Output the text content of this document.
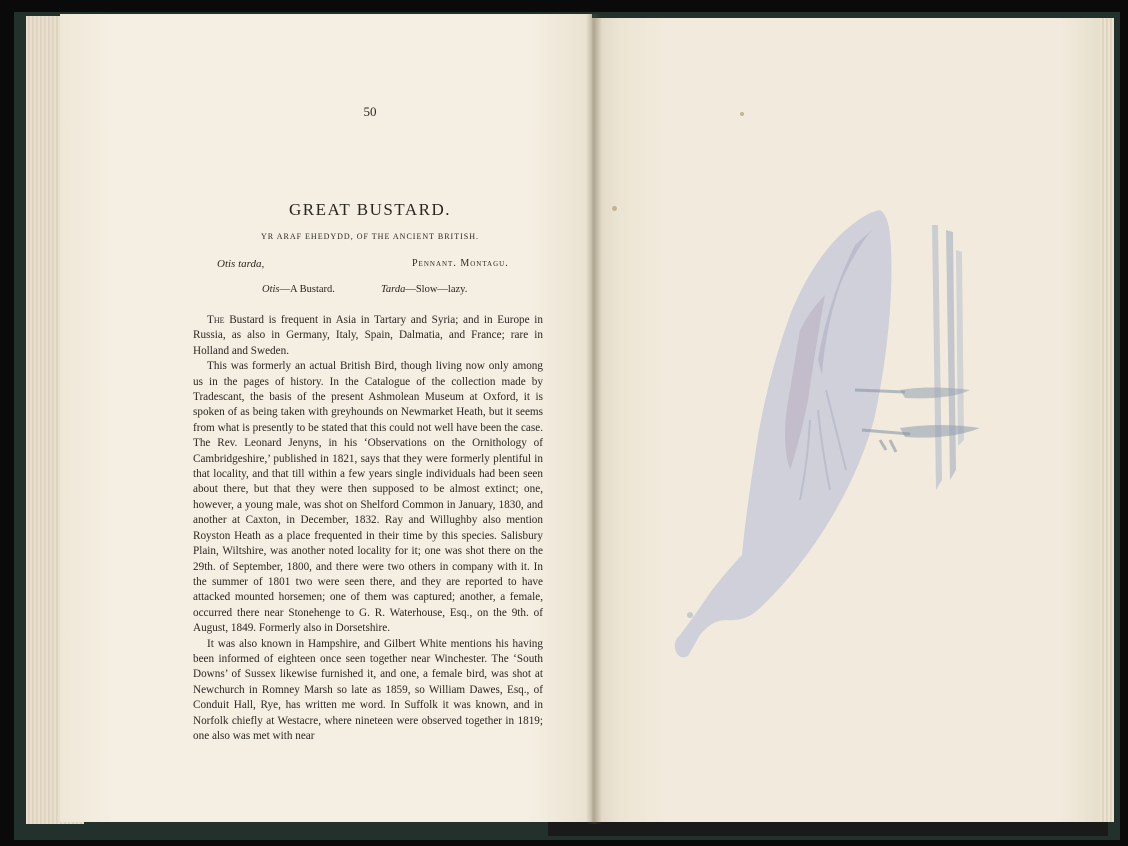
50
GREAT BUSTARD.
YR ARAF EHEDYDD, OF THE ANCIENT BRITISH.
Otis tarda,	Pennant. Montagu.
Otis—A Bustard.	Tarda—Slow—lazy.

The Bustard is frequent in Asia in Tartary and Syria; and in Europe in Russia, as also in Germany, Italy, Spain, Dalmatia, and France; rare in Holland and Sweden.

This was formerly an actual British Bird, though living now only among us in the pages of history. In the Catalogue of the collection made by Tradescant, the basis of the present Ashmolean Museum at Oxford, it is spoken of as being taken with greyhounds on Newmarket Heath, but it seems from what is presently to be stated that this could not well have been the case. The Rev. Leonard Jenyns, in his ‘Observations on the Ornithology of Cambridgeshire,’ published in 1821, says that they were formerly plentiful in that locality, and that till within a few years single individuals had been seen about there, but that they were then supposed to be almost extinct; one, however, a young male, was shot on Shelford Common in January, 1830, and another at Caxton, in December, 1832. Ray and Willughby also mention Royston Heath as a place frequented in their time by this species. Salisbury Plain, Wiltshire, was another noted locality for it; one was shot there on the 29th. of September, 1800, and there were two others in company with it. In the summer of 1801 two were seen there, and they are reported to have attacked mounted horsemen; one of them was captured; another, a female, occurred there near Stonehenge to G. R. Waterhouse, Esq., on the 9th. of August, 1849. Formerly also in Dorsetshire.

It was also known in Hampshire, and Gilbert White mentions his having been informed of eighteen once seen together near Winchester. The ‘South Downs’ of Sussex likewise furnished it, and one, a female bird, was shot at Newchurch in Romney Marsh so late as 1859, so William Dawes, Esq., of Conduit Hall, Rye, has written me word. In Suffolk it was known, and in Norfolk chiefly at Westacre, where nineteen were observed together in 1819; one also was met with near
